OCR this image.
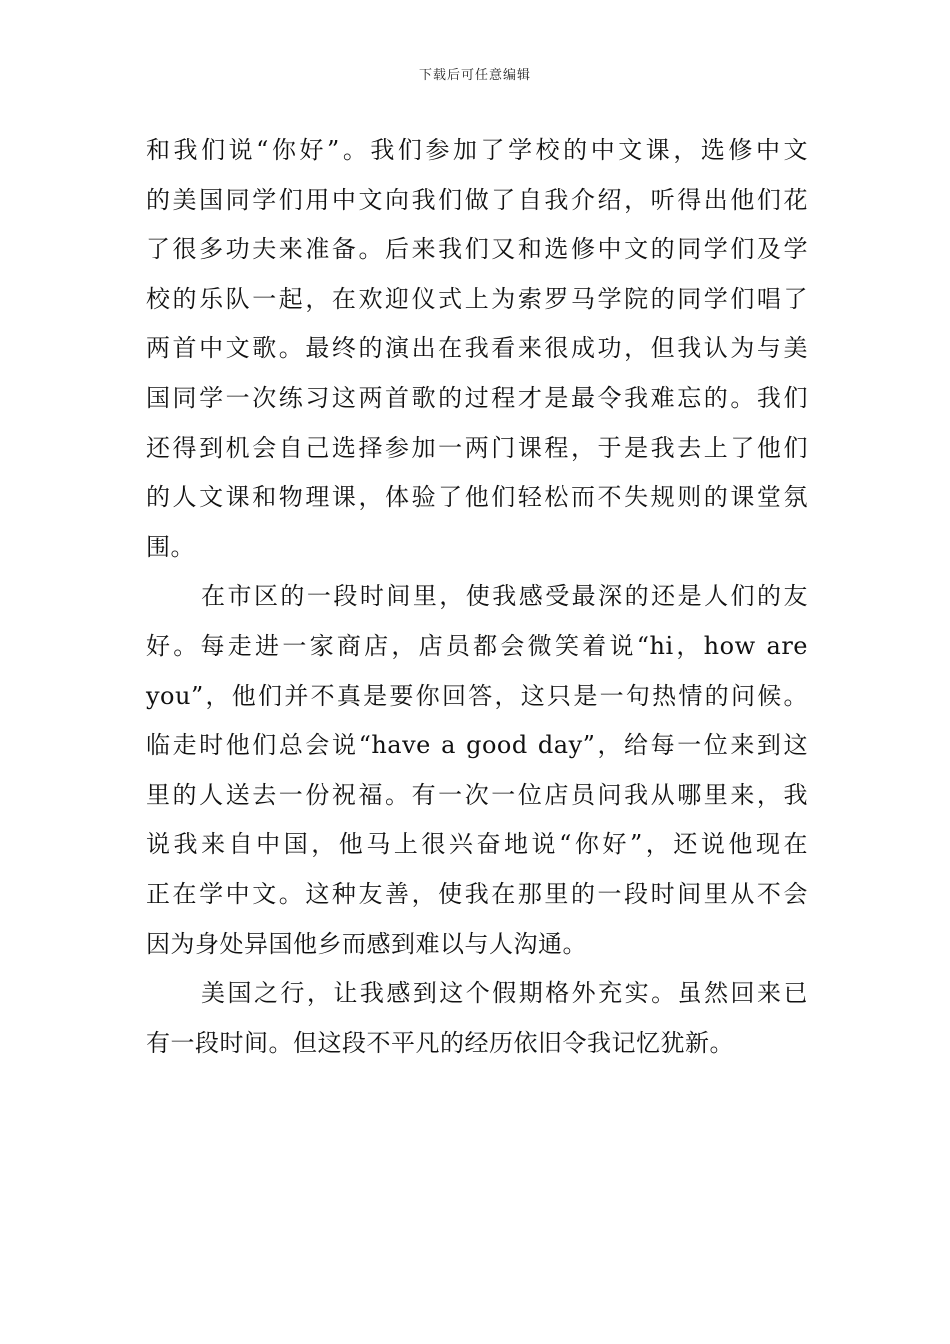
下载后可任意编辑
和我们说“你好”。我们参加了学校的中文课，选修中文
的美国同学们用中文向我们做了自我介绍，听得出他们花
了很多功夫来准备。后来我们又和选修中文的同学们及学
校的乐队一起，在欢迎仪式上为索罗马学院的同学们唱了
两首中文歌。最终的演出在我看来很成功，但我认为与美
国同学一次练习这两首歌的过程才是最令我难忘的。我们
还得到机会自己选择参加一两门课程，于是我去上了他们
的人文课和物理课，体验了他们轻松而不失规则的课堂氛
围。
在市区的一段时间里，使我感受最深的还是人们的友
好。每走进一家商店，店员都会微笑着说“hi，how are
you”，他们并不真是要你回答，这只是一句热情的问候。
临走时他们总会说“have a good day”，给每一位来到这
里的人送去一份祝福。有一次一位店员问我从哪里来，我
说我来自中国，他马上很兴奋地说“你好”，还说他现在
正在学中文。这种友善，使我在那里的一段时间里从不会
因为身处异国他乡而感到难以与人沟通。
美国之行，让我感到这个假期格外充实。虽然回来已
有一段时间。但这段不平凡的经历依旧令我记忆犹新。
